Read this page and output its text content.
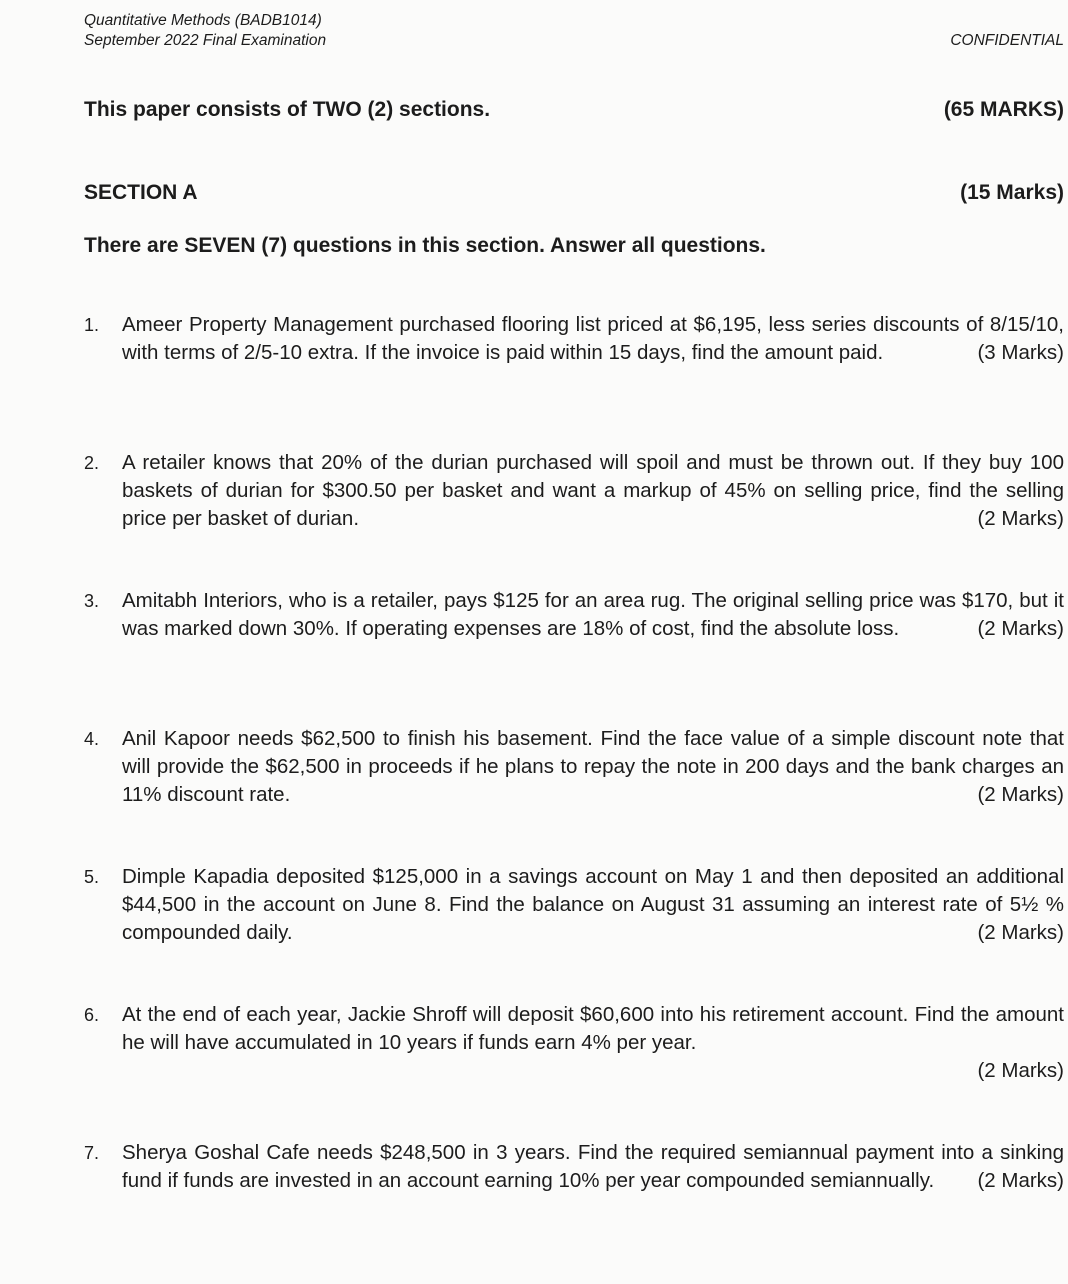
Quantitative Methods (BADB1014)
September 2022 Final Examination	CONFIDENTIAL
This paper consists of TWO (2) sections.	(65 MARKS)
SECTION A	(15 Marks)
There are SEVEN (7) questions in this section. Answer all questions.
1.	Ameer Property Management purchased flooring list priced at $6,195, less series discounts of 8/15/10, with terms of 2/5-10 extra. If the invoice is paid within 15 days, find the amount paid.	(3 Marks)
2.	A retailer knows that 20% of the durian purchased will spoil and must be thrown out. If they buy 100 baskets of durian for $300.50 per basket and want a markup of 45% on selling price, find the selling price per basket of durian.	(2 Marks)
3.	Amitabh Interiors, who is a retailer, pays $125 for an area rug. The original selling price was $170, but it was marked down 30%. If operating expenses are 18% of cost, find the absolute loss.	(2 Marks)
4.	Anil Kapoor needs $62,500 to finish his basement. Find the face value of a simple discount note that will provide the $62,500 in proceeds if he plans to repay the note in 200 days and the bank charges an 11% discount rate.	(2 Marks)
5.	Dimple Kapadia deposited $125,000 in a savings account on May 1 and then deposited an additional $44,500 in the account on June 8. Find the balance on August 31 assuming an interest rate of 5½ % compounded daily.	(2 Marks)
6.	At the end of each year, Jackie Shroff will deposit $60,600 into his retirement account. Find the amount he will have accumulated in 10 years if funds earn 4% per year.
(2 Marks)
7.	Sherya Goshal Cafe needs $248,500 in 3 years. Find the required semiannual payment into a sinking fund if funds are invested in an account earning 10% per year compounded semiannually. (2 Marks)
